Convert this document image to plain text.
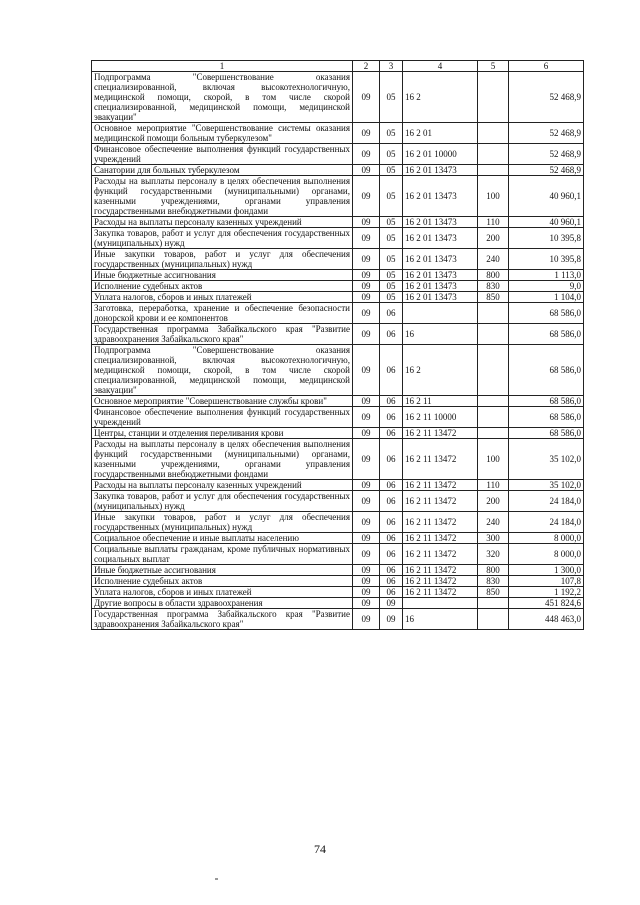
1	2	3	4	5	6
Подпрограмма "Совершенствование оказания специализированной, включая высокотехнологичную, медицинской помощи, скорой, в том числе скорой специализированной, медицинской помощи, медицинской эвакуации"	09	05	16 2		52 468,9
Основное мероприятие "Совершенствование системы оказания медицинской помощи больным туберкулезом"	09	05	16 2 01		52 468,9
Финансовое обеспечение выполнения функций государственных учреждений	09	05	16 2 01 10000		52 468,9
Санатории для больных туберкулезом	09	05	16 2 01 13473		52 468,9
Расходы на выплаты персоналу в целях обеспечения выполнения функций государственными (муниципальными) органами, казенными учреждениями, органами управления государственными внебюджетными фондами	09	05	16 2 01 13473	100	40 960,1
Расходы на выплаты персоналу казенных учреждений	09	05	16 2 01 13473	110	40 960,1
Закупка товаров, работ и услуг для обеспечения государственных (муниципальных) нужд	09	05	16 2 01 13473	200	10 395,8
Иные закупки товаров, работ и услуг для обеспечения государственных (муниципальных) нужд	09	05	16 2 01 13473	240	10 395,8
Иные бюджетные ассигнования	09	05	16 2 01 13473	800	1 113,0
Исполнение судебных актов	09	05	16 2 01 13473	830	9,0
Уплата налогов, сборов и иных платежей	09	05	16 2 01 13473	850	1 104,0
Заготовка, переработка, хранение и обеспечение безопасности донорской крови и ее компонентов	09	06			68 586,0
Государственная программа Забайкальского края "Развитие здравоохранения Забайкальского края"	09	06	16		68 586,0
Подпрограмма "Совершенствование оказания специализированной, включая высокотехнологичную, медицинской помощи, скорой, в том числе скорой специализированной, медицинской помощи, медицинской эвакуации"	09	06	16 2		68 586,0
Основное мероприятие "Совершенствование службы крови"	09	06	16 2 11		68 586,0
Финансовое обеспечение выполнения функций государственных учреждений	09	06	16 2 11 10000		68 586,0
Центры, станции и отделения переливания крови	09	06	16 2 11 13472		68 586,0
Расходы на выплаты персоналу в целях обеспечения выполнения функций государственными (муниципальными) органами, казенными учреждениями, органами управления государственными внебюджетными фондами	09	06	16 2 11 13472	100	35 102,0
Расходы на выплаты персоналу казенных учреждений	09	06	16 2 11 13472	110	35 102,0
Закупка товаров, работ и услуг для обеспечения государственных (муниципальных) нужд	09	06	16 2 11 13472	200	24 184,0
Иные закупки товаров, работ и услуг для обеспечения государственных (муниципальных) нужд	09	06	16 2 11 13472	240	24 184,0
Социальное обеспечение и иные выплаты населению	09	06	16 2 11 13472	300	8 000,0
Социальные выплаты гражданам, кроме публичных нормативных социальных выплат	09	06	16 2 11 13472	320	8 000,0
Иные бюджетные ассигнования	09	06	16 2 11 13472	800	1 300,0
Исполнение судебных актов	09	06	16 2 11 13472	830	107,8
Уплата налогов, сборов и иных платежей	09	06	16 2 11 13472	850	1 192,2
Другие вопросы в области здравоохранения	09	09			451 824,6
Государственная программа Забайкальского края "Развитие здравоохранения Забайкальского края"	09	09	16		448 463,0
74
